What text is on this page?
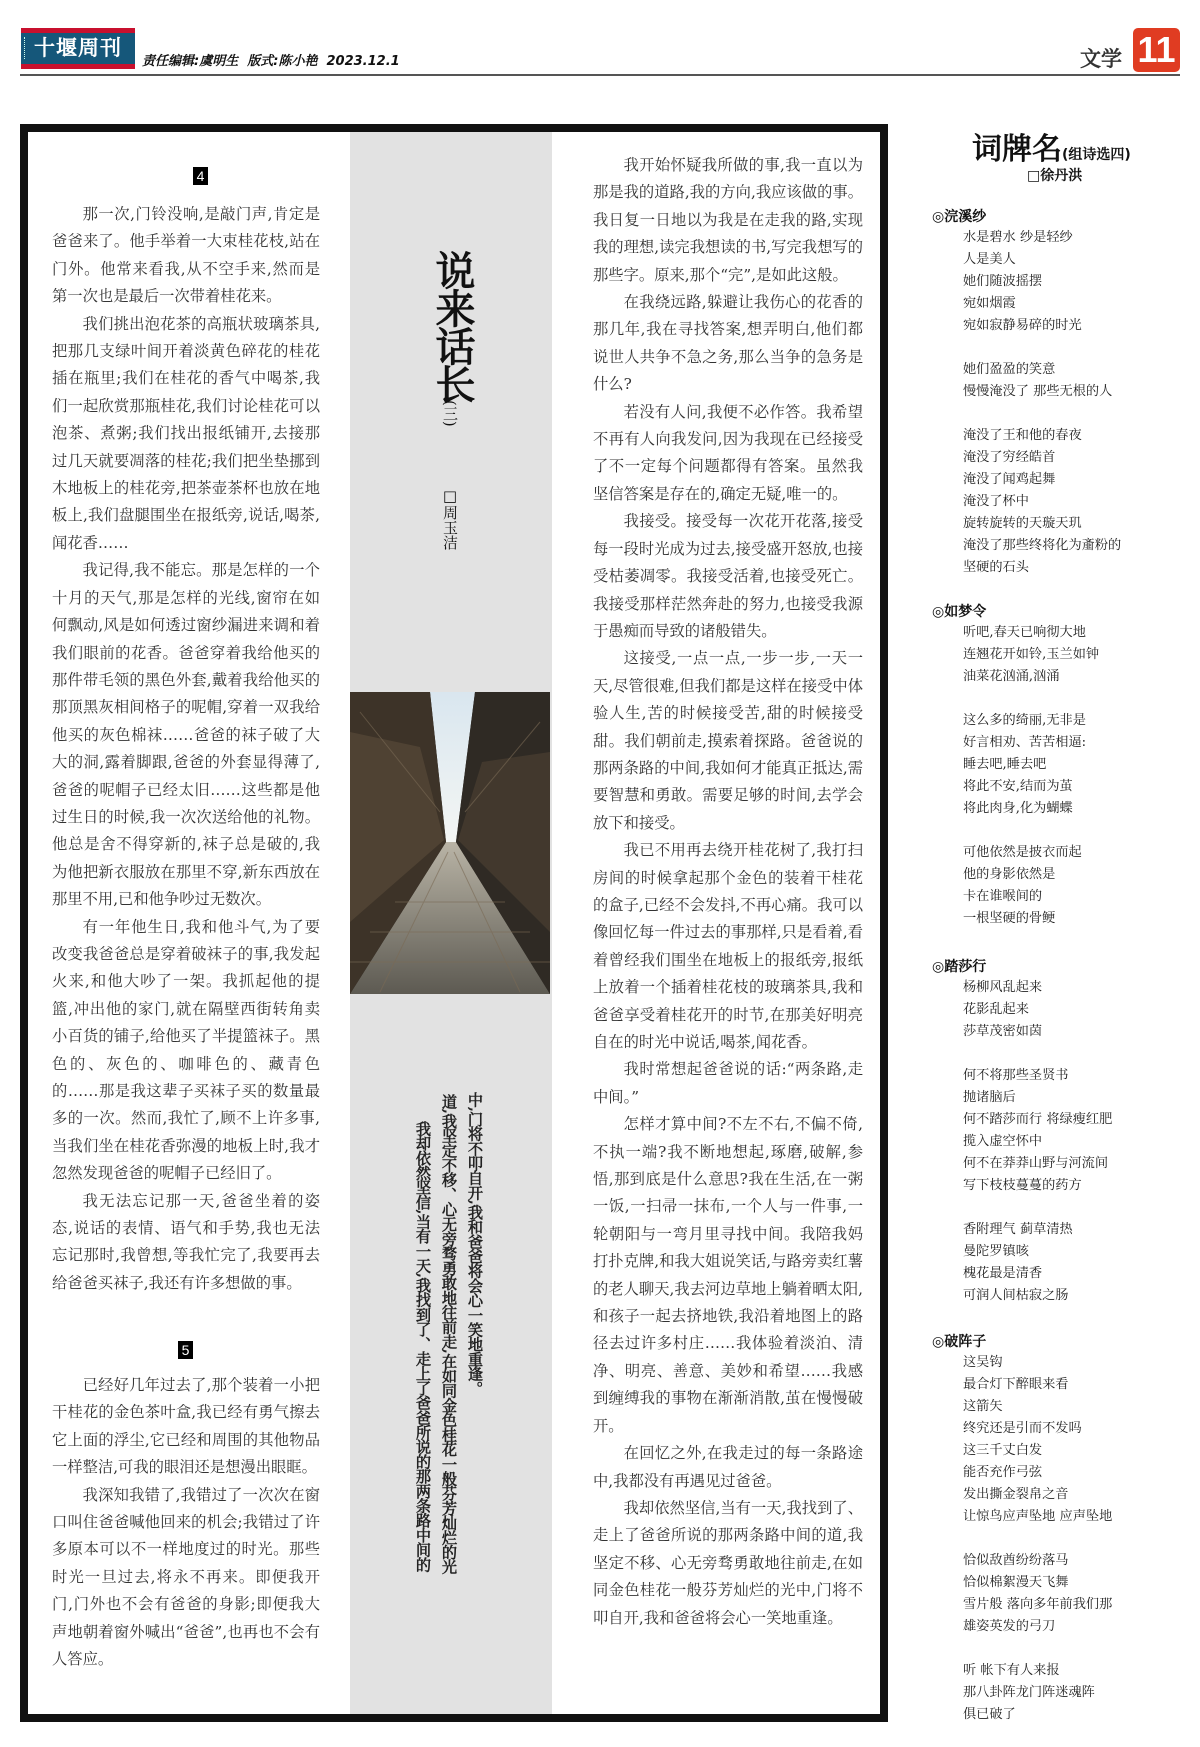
十堰周刊
责任编辑:虞明生  版式:陈小艳  2023.12.1	文学 11
4

那一次,门铃没响,是敲门声,肯定是爸爸来了。他手举着一大束桂花枝,站在门外。他常来看我,从不空手来,然而是第一次也是最后一次带着桂花来。

我们挑出泡花茶的高瓶状玻璃茶具,把那几支绿叶间开着淡黄色碎花的桂花插在瓶里;我们在桂花的香气中喝茶,我们一起欣赏那瓶桂花,我们讨论桂花可以泡茶、煮粥;我们找出报纸铺开,去接那过几天就要凋落的桂花;我们把坐垫挪到木地板上的桂花旁,把茶壶茶杯也放在地板上,我们盘腿围坐在报纸旁,说话,喝茶,闻花香……

我记得,我不能忘。那是怎样的一个十月的天气,那是怎样的光线,窗帘在如何飘动,风是如何透过窗纱漏进来调和着我们眼前的花香。爸爸穿着我给他买的那件带毛领的黑色外套,戴着我给他买的那顶黑灰相间格子的呢帽,穿着一双我给他买的灰色棉袜……爸爸的袜子破了大大的洞,露着脚跟,爸爸的外套显得薄了,爸爸的呢帽子已经太旧……这些都是他过生日的时候,我一次次送给他的礼物。他总是舍不得穿新的,袜子总是破的,我为他把新衣服放在那里不穿,新东西放在那里不用,已和他争吵过无数次。

有一年他生日,我和他斗气,为了要改变我爸爸总是穿着破袜子的事,我发起火来,和他大吵了一架。我抓起他的提篮,冲出他的家门,就在隔壁西街转角卖小百货的铺子,给他买了半提篮袜子。黑色的、灰色的、咖啡色的、藏青色的……那是我这辈子买袜子买的数量最多的一次。然而,我忙了,顾不上许多事,当我们坐在桂花香弥漫的地板上时,我才忽然发现爸爸的呢帽子已经旧了。

我无法忘记那一天,爸爸坐着的姿态,说话的表情、语气和手势,我也无法忘记那时,我曾想,等我忙完了,我要再去给爸爸买袜子,我还有许多想做的事。

5

已经好几年过去了,那个装着一小把干桂花的金色茶叶盒,我已经有勇气擦去它上面的浮尘,它已经和周围的其他物品一样整洁,可我的眼泪还是想漫出眼眶。

我深知我错了,我错过了一次次在窗口叫住爸爸喊他回来的机会;我错过了许多原本可以不一样地度过的时光。那些时光一旦过去,将永不再来。即便我开门,门外也不会有爸爸的身影;即便我大声地朝着窗外喊出“爸爸”,也再也不会有人答应。

我开始怀疑我所做的事,我一直以为那是我的道路,我的方向,我应该做的事。我日复一日地以为我是在走我的路,实现我的理想,读完我想读的书,写完我想写的那些字。原来,那个“完”,是如此这般。

在我绕远路,躲避让我伤心的花香的那几年,我在寻找答案,想弄明白,他们都说世人共争不急之务,那么当争的急务是什么?

若没有人问,我便不必作答。我希望不再有人向我发问,因为我现在已经接受了不一定每个问题都得有答案。虽然我坚信答案是存在的,确定无疑,唯一的。

我接受。接受每一次花开花落,接受每一段时光成为过去,接受盛开怒放,也接受枯萎凋零。我接受活着,也接受死亡。我接受那样茫然奔赴的努力,也接受我源于愚痴而导致的诸般错失。

这接受,一点一点,一步一步,一天一天,尽管很难,但我们都是这样在接受中体验人生,苦的时候接受苦,甜的时候接受甜。我们朝前走,摸索着探路。爸爸说的那两条路的中间,我如何才能真正抵达,需要智慧和勇敢。需要足够的时间,去学会放下和接受。

我已不用再去绕开桂花树了,我打扫房间的时候拿起那个金色的装着干桂花的盒子,已经不会发抖,不再心痛。我可以像回忆每一件过去的事那样,只是看着,看着曾经我们围坐在地板上的报纸旁,报纸上放着一个插着桂花枝的玻璃茶具,我和爸爸享受着桂花开的时节,在那美好明亮自在的时光中说话,喝茶,闻花香。

我时常想起爸爸说的话:“两条路,走中间。”

怎样才算中间?不左不右,不偏不倚,不执一端?我不断地想起,琢磨,破解,参悟,那到底是什么意思?我在生活,在一粥一饭,一扫帚一抹布,一个人与一件事,一轮朝阳与一弯月里寻找中间。我陪我妈打扑克牌,和我大姐说笑话,与路旁卖红薯的老人聊天,我去河边草地上躺着晒太阳,和孩子一起去挤地铁,我沿着地图上的路径去过许多村庄……我体验着淡泊、清净、明亮、善意、美妙和希望……我感到缠缚我的事物在渐渐消散,茧在慢慢破开。

在回忆之外,在我走过的每一条路途中,我都没有再遇见过爸爸。

我却依然坚信,当有一天,我找到了、走上了爸爸所说的那两条路中间的道,我坚定不移、心无旁骛勇敢地往前走,在如同金色桂花一般芬芳灿烂的光中,门将不叩自开,我和爸爸将会心一笑地重逢。

说来话长
(三)
□周玉洁
中,门将不叩自开,我和爸爸将会心一笑地重逢。
道,我坚定不移、心无旁骛勇敢地往前走,在如同金色桂花一般芬芳灿烂的光
我却依然坚信,当有一天,我找到了、走上了爸爸所说的那两条路中间的
词牌名(组诗选四)
□徐丹洪
◎浣溪纱
水是碧水 纱是轻纱
人是美人
她们随波摇摆
宛如烟霞
宛如寂静易碎的时光
她们盈盈的笑意
慢慢淹没了 那些无根的人
淹没了王和他的春夜
淹没了穷经皓首
淹没了闻鸡起舞
淹没了杯中
旋转旋转的天璇天玑
淹没了那些终将化为齑粉的
坚硬的石头
◎如梦令
听吧,春天已响彻大地
连翘花开如铃,玉兰如钟
油菜花汹涌,汹涌
这么多的绮丽,无非是
好言相劝、苦苦相逼:
睡去吧,睡去吧
将此不安,结而为茧
将此肉身,化为蝴蝶
可他依然是披衣而起
他的身影依然是
卡在谁喉间的
一根坚硬的骨鲠
◎踏莎行
杨柳风乱起来
花影乱起来
莎草茂密如茵
何不将那些圣贤书
抛诸脑后
何不踏莎而行 将绿瘦红肥
揽入虚空怀中
何不在莽莽山野与河流间
写下枝枝蔓蔓的药方
香附理气 蓟草清热
曼陀罗镇咳
槐花最是清香
可润人间枯寂之肠
◎破阵子
这吴钩
最合灯下醉眼来看
这箭矢
终究还是引而不发吗
这三千丈白发
能否充作弓弦
发出撕金裂帛之音
让惊鸟应声坠地 应声坠地
恰似敌酋纷纷落马
恰似棉絮漫天飞舞
雪片般 落向多年前我们那
雄姿英发的弓刀
听 帐下有人来报
那八卦阵龙门阵迷魂阵
俱已破了
